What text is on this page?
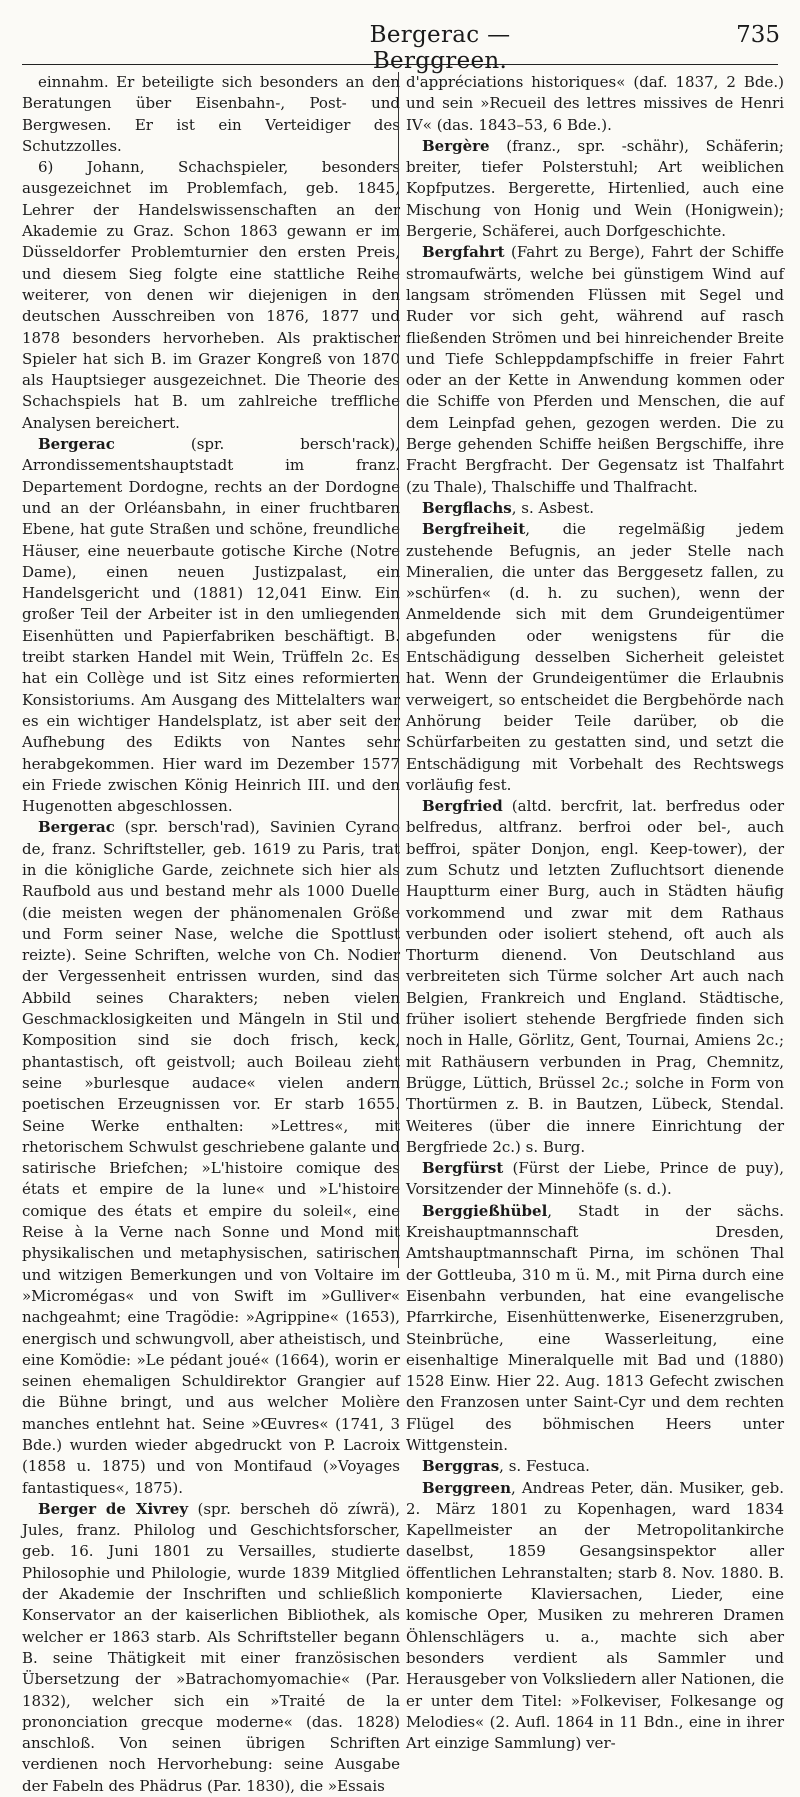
Bergerac — Berggreen.
735

einnahm. Er beteiligte sich besonders an den Beratungen über Eisenbahn-, Post- und Bergwesen. Er ist ein Verteidiger des Schutzzolles.

6) Johann, Schachspieler, besonders ausgezeichnet im Problemfach, geb. 1845, Lehrer der Handelswissenschaften an der Akademie zu Graz. Schon 1863 gewann er im Düsseldorfer Problemturnier den ersten Preis, und diesem Sieg folgte eine stattliche Reihe weiterer, von denen wir diejenigen in den deutschen Ausschreiben von 1876, 1877 und 1878 besonders hervorheben. Als praktischer Spieler hat sich B. im Grazer Kongreß von 1870 als Hauptsieger ausgezeichnet. Die Theorie des Schachspiels hat B. um zahlreiche treffliche Analysen bereichert.

Bergerac (spr. bersch'rack), Arrondissementshauptstadt im franz. Departement Dordogne, rechts an der Dordogne und an der Orléansbahn, in einer fruchtbaren Ebene, hat gute Straßen und schöne, freundliche Häuser, eine neuerbaute gotische Kirche (Notre Dame), einen neuen Justizpalast, ein Handelsgericht und (1881) 12,041 Einw. Ein großer Teil der Arbeiter ist in den umliegenden Eisenhütten und Papierfabriken beschäftigt. B. treibt starken Handel mit Wein, Trüffeln 2c. Es hat ein Collège und ist Sitz eines reformierten Konsistoriums. Am Ausgang des Mittelalters war es ein wichtiger Handelsplatz, ist aber seit der Aufhebung des Edikts von Nantes sehr herabgekommen. Hier ward im Dezember 1577 ein Friede zwischen König Heinrich III. und den Hugenotten abgeschlossen.

Bergerac (spr. bersch'rad), Savinien Cyrano de, franz. Schriftsteller, geb. 1619 zu Paris, trat in die königliche Garde, zeichnete sich hier als Raufbold aus und bestand mehr als 1000 Duelle (die meisten wegen der phänomenalen Größe und Form seiner Nase, welche die Spottlust reizte). Seine Schriften, welche von Ch. Nodier der Vergessenheit entrissen wurden, sind das Abbild seines Charakters; neben vielen Geschmacklosigkeiten und Mängeln in Stil und Komposition sind sie doch frisch, keck, phantastisch, oft geistvoll; auch Boileau zieht seine »burlesque audace« vielen andern poetischen Erzeugnissen vor. Er starb 1655. Seine Werke enthalten: »Lettres«, mit rhetorischem Schwulst geschriebene galante und satirische Briefchen; »L'histoire comique des états et empire de la lune« und »L'histoire comique des états et empire du soleil«, eine Reise à la Verne nach Sonne und Mond mit physikalischen und metaphysischen, satirischen und witzigen Bemerkungen und von Voltaire im »Micromégas« und von Swift im »Gulliver« nachgeahmt; eine Tragödie: »Agrippine« (1653), energisch und schwungvoll, aber atheistisch, und eine Komödie: »Le pédant joué« (1664), worin er seinen ehemaligen Schuldirektor Grangier auf die Bühne bringt, und aus welcher Molière manches entlehnt hat. Seine »Œuvres« (1741, 3 Bde.) wurden wieder abgedruckt von P. Lacroix (1858 u. 1875) und von Montifaud (»Voyages fantastiques«, 1875).

Berger de Xivrey (spr. berscheh dö zíwrä), Jules, franz. Philolog und Geschichtsforscher, geb. 16. Juni 1801 zu Versailles, studierte Philosophie und Philologie, wurde 1839 Mitglied der Akademie der Inschriften und schließlich Konservator an der kaiserlichen Bibliothek, als welcher er 1863 starb. Als Schriftsteller begann B. seine Thätigkeit mit einer französischen Übersetzung der »Batrachomyomachie« (Par. 1832), welcher sich ein »Traité de la prononciation grecque moderne« (das. 1828) anschloß. Von seinen übrigen Schriften verdienen noch Hervorhebung: seine Ausgabe der Fabeln des Phädrus (Par. 1830), die »Essais

d'appréciations historiques« (daf. 1837, 2 Bde.) und sein »Recueil des lettres missives de Henri IV« (das. 1843–53, 6 Bde.).

Bergère (franz., spr. -schähr), Schäferin; breiter, tiefer Polsterstuhl; Art weiblichen Kopfputzes. Bergerette, Hirtenlied, auch eine Mischung von Honig und Wein (Honigwein); Bergerie, Schäferei, auch Dorfgeschichte.

Bergfahrt (Fahrt zu Berge), Fahrt der Schiffe stromaufwärts, welche bei günstigem Wind auf langsam strömenden Flüssen mit Segel und Ruder vor sich geht, während auf rasch fließenden Strömen und bei hinreichender Breite und Tiefe Schleppdampfschiffe in freier Fahrt oder an der Kette in Anwendung kommen oder die Schiffe von Pferden und Menschen, die auf dem Leinpfad gehen, gezogen werden. Die zu Berge gehenden Schiffe heißen Bergschiffe, ihre Fracht Bergfracht. Der Gegensatz ist Thalfahrt (zu Thale), Thalschiffe und Thalfracht.

Bergflachs, s. Asbest.

Bergfreiheit, die regelmäßig jedem zustehende Befugnis, an jeder Stelle nach Mineralien, die unter das Berggesetz fallen, zu »schürfen« (d. h. zu suchen), wenn der Anmeldende sich mit dem Grundeigentümer abgefunden oder wenigstens für die Entschädigung desselben Sicherheit geleistet hat. Wenn der Grundeigentümer die Erlaubnis verweigert, so entscheidet die Bergbehörde nach Anhörung beider Teile darüber, ob die Schürfarbeiten zu gestatten sind, und setzt die Entschädigung mit Vorbehalt des Rechtswegs vorläufig fest.

Bergfried (altd. bercfrit, lat. berfredus oder belfredus, altfranz. berfroi oder bel-, auch beffroi, später Donjon, engl. Keep-tower), der zum Schutz und letzten Zufluchtsort dienende Hauptturm einer Burg, auch in Städten häufig vorkommend und zwar mit dem Rathaus verbunden oder isoliert stehend, oft auch als Thorturm dienend. Von Deutschland aus verbreiteten sich Türme solcher Art auch nach Belgien, Frankreich und England. Städtische, früher isoliert stehende Bergfriede finden sich noch in Halle, Görlitz, Gent, Tournai, Amiens 2c.; mit Rathäusern verbunden in Prag, Chemnitz, Brügge, Lüttich, Brüssel 2c.; solche in Form von Thortürmen z. B. in Bautzen, Lübeck, Stendal. Weiteres (über die innere Einrichtung der Bergfriede 2c.) s. Burg.

Bergfürst (Fürst der Liebe, Prince de puy), Vorsitzender der Minnehöfe (s. d.).

Berggießhübel, Stadt in der sächs. Kreishauptmannschaft Dresden, Amtshauptmannschaft Pirna, im schönen Thal der Gottleuba, 310 m ü. M., mit Pirna durch eine Eisenbahn verbunden, hat eine evangelische Pfarrkirche, Eisenhüttenwerke, Eisenerzgruben, Steinbrüche, eine Wasserleitung, eine eisenhaltige Mineralquelle mit Bad und (1880) 1528 Einw. Hier 22. Aug. 1813 Gefecht zwischen den Franzosen unter Saint-Cyr und dem rechten Flügel des böhmischen Heers unter Wittgenstein.

Berggras, s. Festuca.

Berggreen, Andreas Peter, dän. Musiker, geb. 2. März 1801 zu Kopenhagen, ward 1834 Kapellmeister an der Metropolitankirche daselbst, 1859 Gesangsinspektor aller öffentlichen Lehranstalten; starb 8. Nov. 1880. B. komponierte Klaviersachen, Lieder, eine komische Oper, Musiken zu mehreren Dramen Öhlenschlägers u. a., machte sich aber besonders verdient als Sammler und Herausgeber von Volksliedern aller Nationen, die er unter dem Titel: »Folkeviser, Folkesange og Melodies« (2. Aufl. 1864 in 11 Bdn., eine in ihrer Art einzige Sammlung) ver-
